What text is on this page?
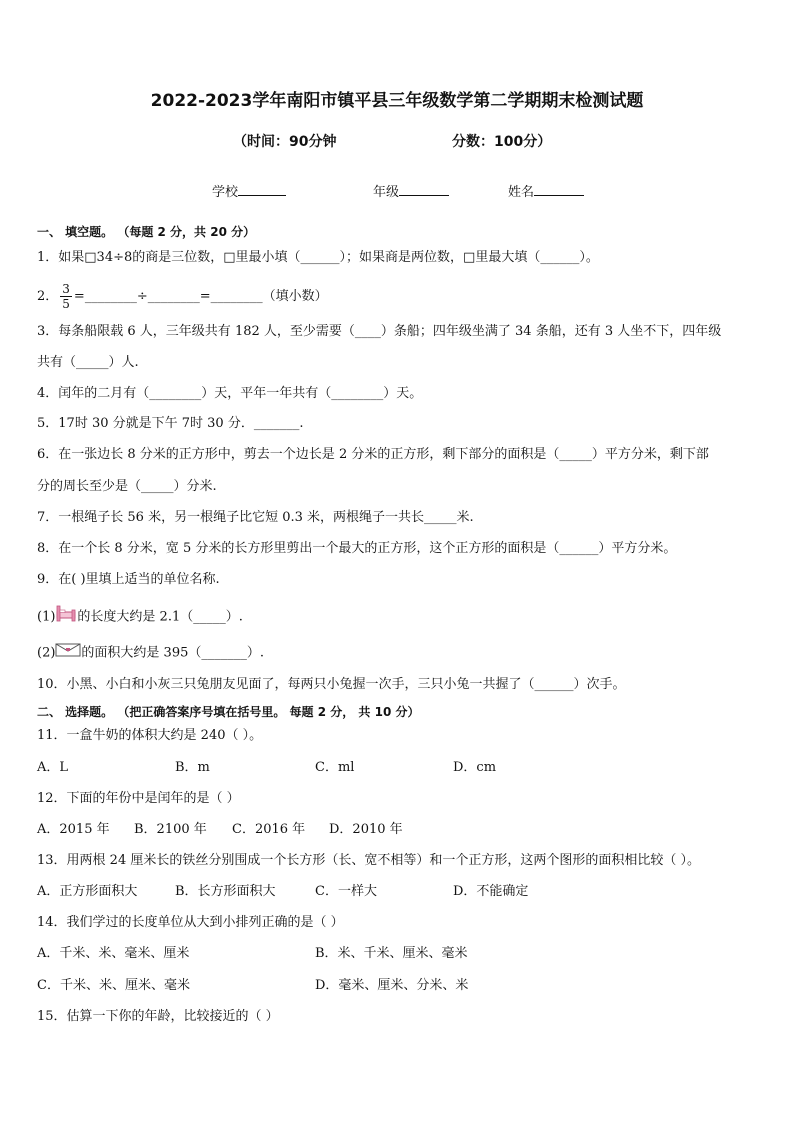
2022-2023学年南阳市镇平县三年级数学第二学期期末检测试题
（时间：90分钟	分数：100分）
学校	年级	姓名
一、 填空题。 （每题 2 分，共 20 分）
1．如果□34÷8的商是三位数，□里最小填（______）；如果商是两位数，□里最大填（______）。
2． $\frac{3}{5}$ =________÷________=________（填小数）
3．每条船限载 6 人，三年级共有 182 人，至少需要（____）条船；四年级坐满了 34 条船，还有 3 人坐不下，四年级
共有（_____）人.
4．闰年的二月有（________）天，平年一年共有（________）天。
5．17时 30 分就是下午 7时 30 分．_______.
6．在一张边长 8 分米的正方形中，剪去一个边长是 2 分米的正方形，剩下部分的面积是（_____）平方分米，剩下部
分的周长至少是（_____）分米.
7．一根绳子长 56 米，另一根绳子比它短 0.3 米，两根绳子一共长_____米.
8．在一个长 8 分米，宽 5 分米的长方形里剪出一个最大的正方形，这个正方形的面积是（______）平方分米。
9．在( )里填上适当的单位名称.
(1) 的长度大约是 2.1（_____）.
(2) 的面积大约是 395（_______）.
10．小黑、小白和小灰三只兔朋友见面了，每两只小兔握一次手，三只小兔一共握了（______）次手。
二、 选择题。 （把正确答案序号填在括号里。 每题 2 分， 共 10 分）
11．一盒牛奶的体积大约是 240（ ）。
A．L	B．m	C．ml	D．cm
12．下面的年份中是闰年的是（ ）
A．2015 年 B．2100 年 C．2016 年 D．2010 年
13．用两根 24 厘米长的铁丝分别围成一个长方形（长、宽不相等）和一个正方形，这两个图形的面积相比较（ ）。
A．正方形面积大	B．长方形面积大	C．一样大	D．不能确定
14．我们学过的长度单位从大到小排列正确的是（ ）
A．千米、米、毫米、厘米	B．米、千米、厘米、毫米
C．千米、米、厘米、毫米	D．毫米、厘米、分米、米
15．估算一下你的年龄，比较接近的（ ）
